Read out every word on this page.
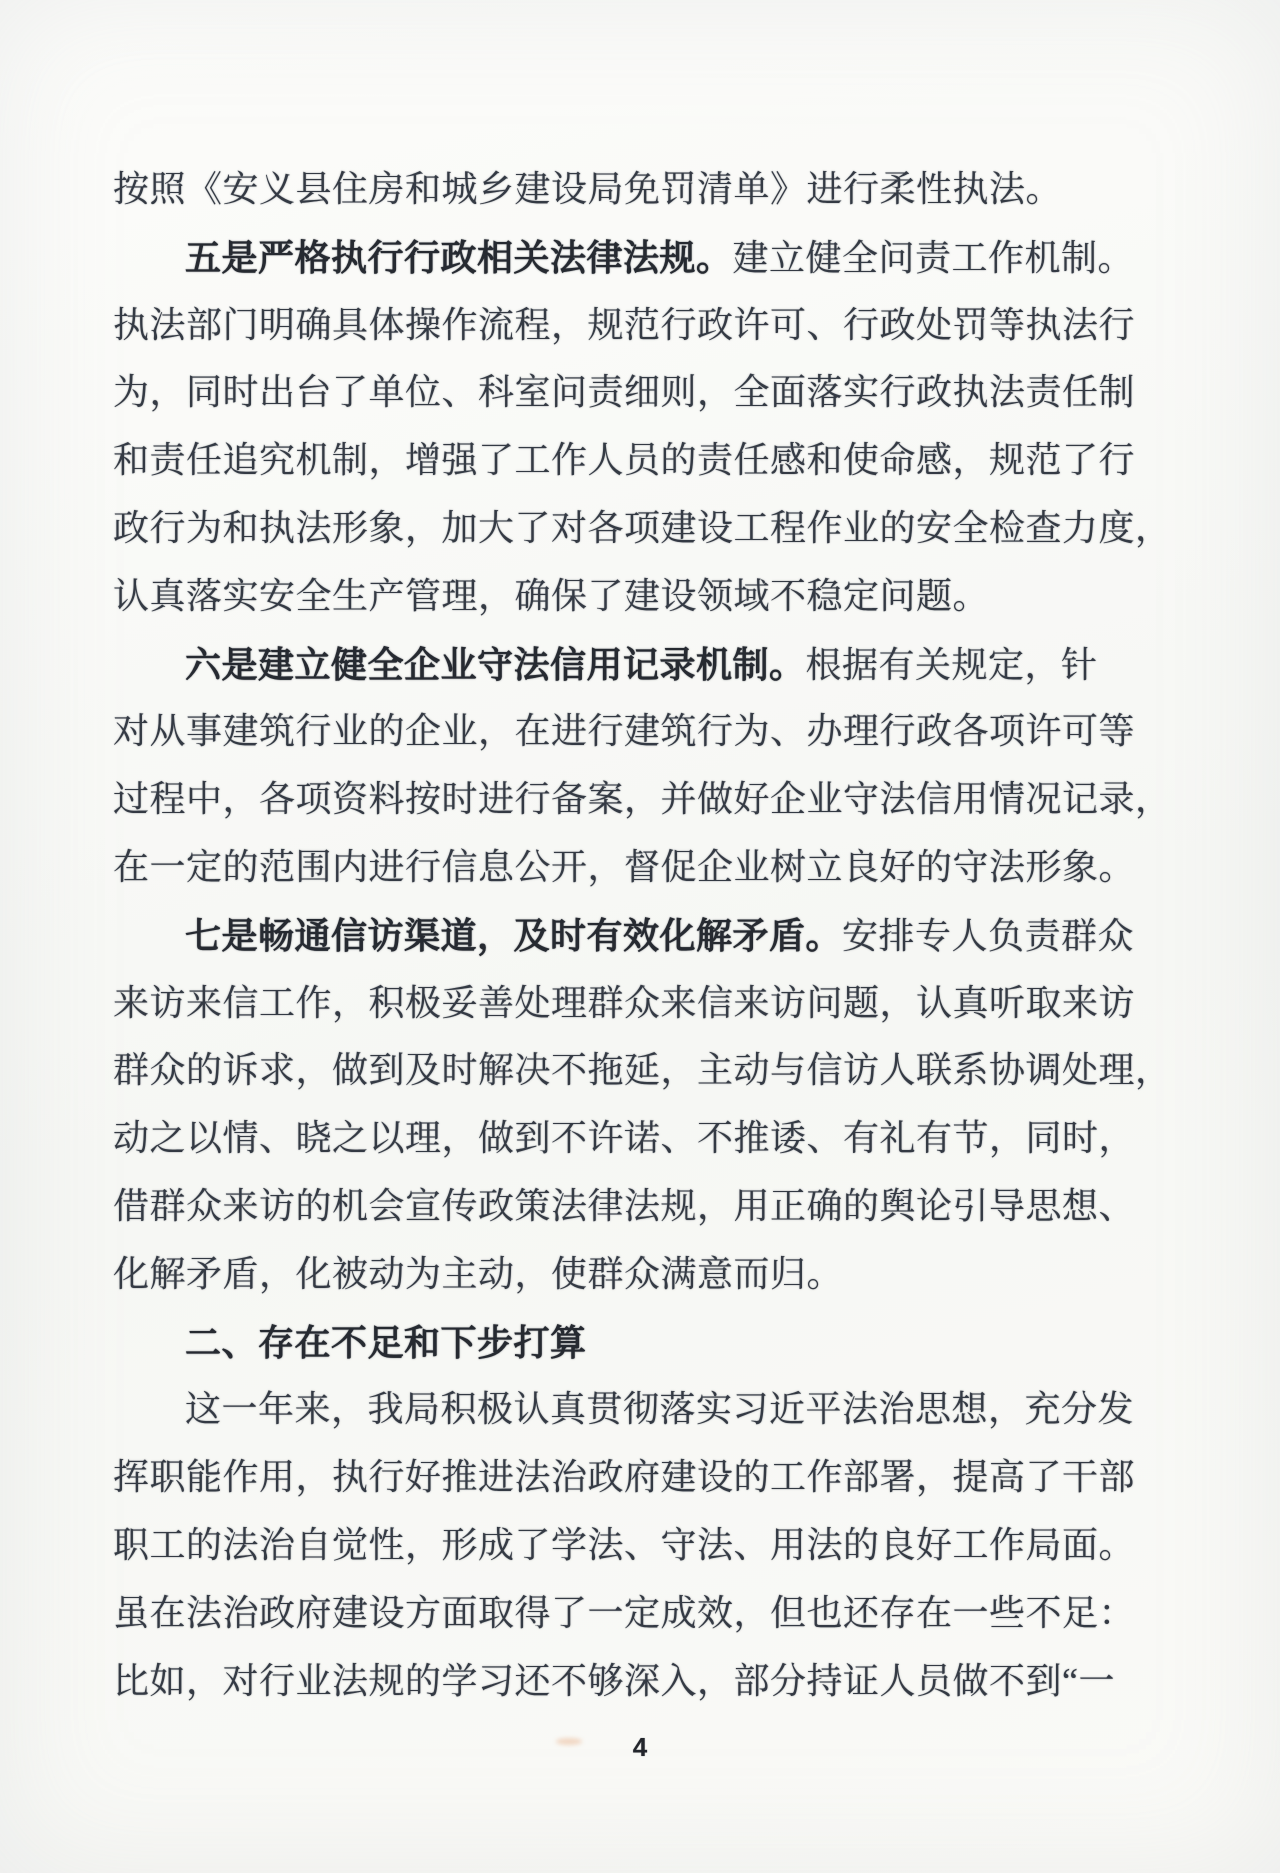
按照《安义县住房和城乡建设局免罚清单》进行柔性执法。
五是严格执行行政相关法律法规。建立健全问责工作机制。
执法部门明确具体操作流程，规范行政许可、行政处罚等执法行
为，同时出台了单位、科室问责细则，全面落实行政执法责任制
和责任追究机制，增强了工作人员的责任感和使命感，规范了行
政行为和执法形象，加大了对各项建设工程作业的安全检查力度，
认真落实安全生产管理，确保了建设领域不稳定问题。
六是建立健全企业守法信用记录机制。根据有关规定，针
对从事建筑行业的企业，在进行建筑行为、办理行政各项许可等
过程中，各项资料按时进行备案，并做好企业守法信用情况记录，
在一定的范围内进行信息公开，督促企业树立良好的守法形象。
七是畅通信访渠道，及时有效化解矛盾。安排专人负责群众
来访来信工作，积极妥善处理群众来信来访问题，认真听取来访
群众的诉求，做到及时解决不拖延，主动与信访人联系协调处理，
动之以情、晓之以理，做到不许诺、不推诿、有礼有节，同时，
借群众来访的机会宣传政策法律法规，用正确的舆论引导思想、
化解矛盾，化被动为主动，使群众满意而归。
二、存在不足和下步打算
这一年来，我局积极认真贯彻落实习近平法治思想，充分发
挥职能作用，执行好推进法治政府建设的工作部署，提高了干部
职工的法治自觉性，形成了学法、守法、用法的良好工作局面。
虽在法治政府建设方面取得了一定成效，但也还存在一些不足：
比如，对行业法规的学习还不够深入，部分持证人员做不到“一
4
